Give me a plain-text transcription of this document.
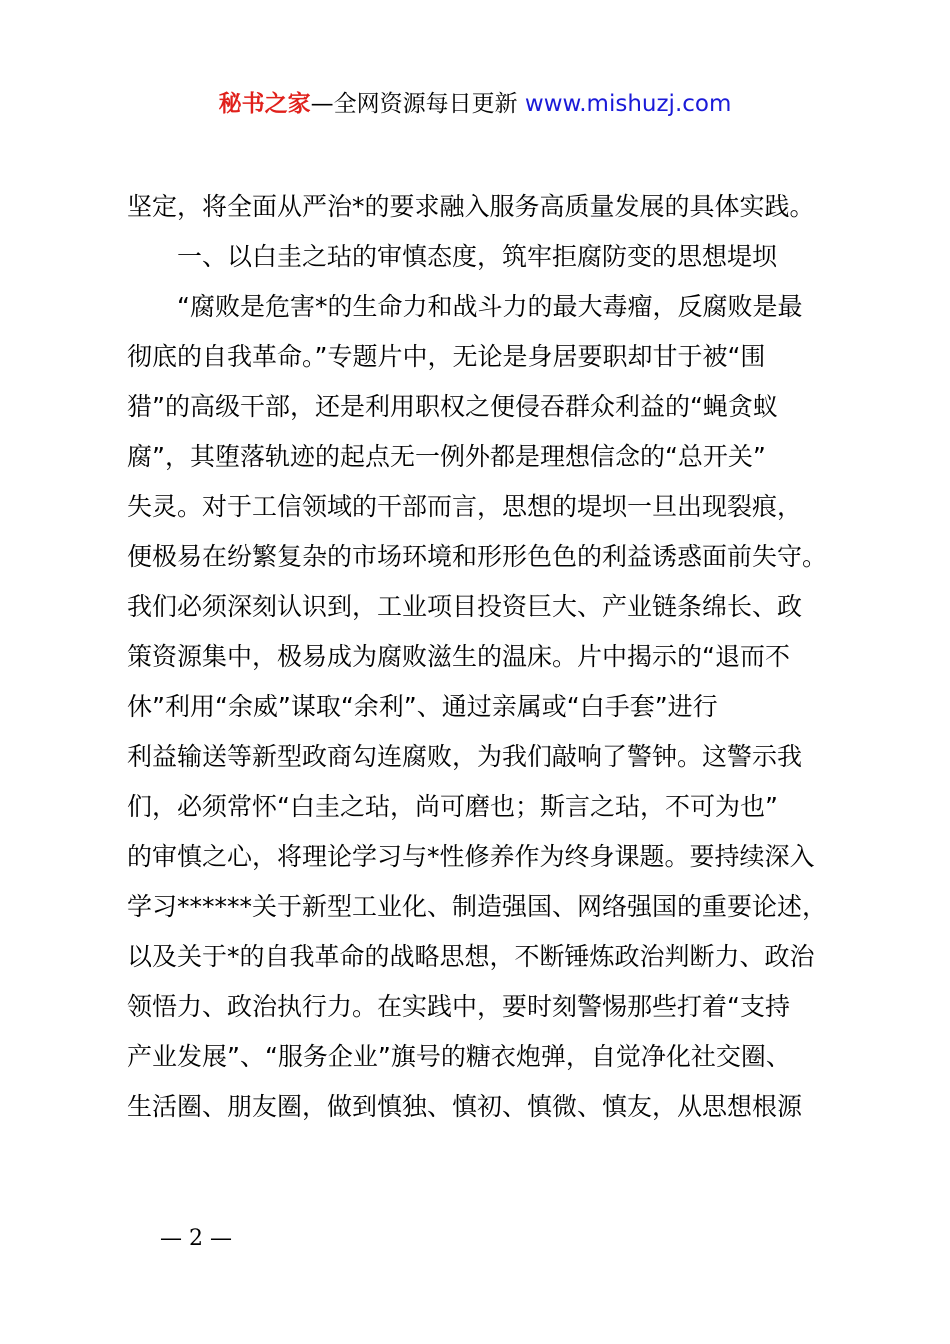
秘书之家—全网资源每日更新 www.mishuzj.com
坚定，将全面从严治*的要求融入服务高质量发展的具体实践。
一、以白圭之玷的审慎态度，筑牢拒腐防变的思想堤坝
“腐败是危害*的生命力和战斗力的最大毒瘤，反腐败是最
彻底的自我革命。”专题片中，无论是身居要职却甘于被“围
猎”的高级干部，还是利用职权之便侵吞群众利益的“蝇贪蚁
腐”，其堕落轨迹的起点无一例外都是理想信念的“总开关”
失灵。对于工信领域的干部而言，思想的堤坝一旦出现裂痕，
便极易在纷繁复杂的市场环境和形形色色的利益诱惑面前失守。
我们必须深刻认识到，工业项目投资巨大、产业链条绵长、政
策资源集中，极易成为腐败滋生的温床。片中揭示的“退而不
休”利用“余威”谋取“余利”、通过亲属或“白手套”进行
利益输送等新型政商勾连腐败，为我们敲响了警钟。这警示我
们，必须常怀“白圭之玷，尚可磨也；斯言之玷，不可为也”
的审慎之心，将理论学习与*性修养作为终身课题。要持续深入
学习******关于新型工业化、制造强国、网络强国的重要论述，
以及关于*的自我革命的战略思想，不断锤炼政治判断力、政治
领悟力、政治执行力。在实践中，要时刻警惕那些打着“支持
产业发展”、“服务企业”旗号的糖衣炮弹，自觉净化社交圈、
生活圈、朋友圈，做到慎独、慎初、慎微、慎友，从思想根源
— 2 —
